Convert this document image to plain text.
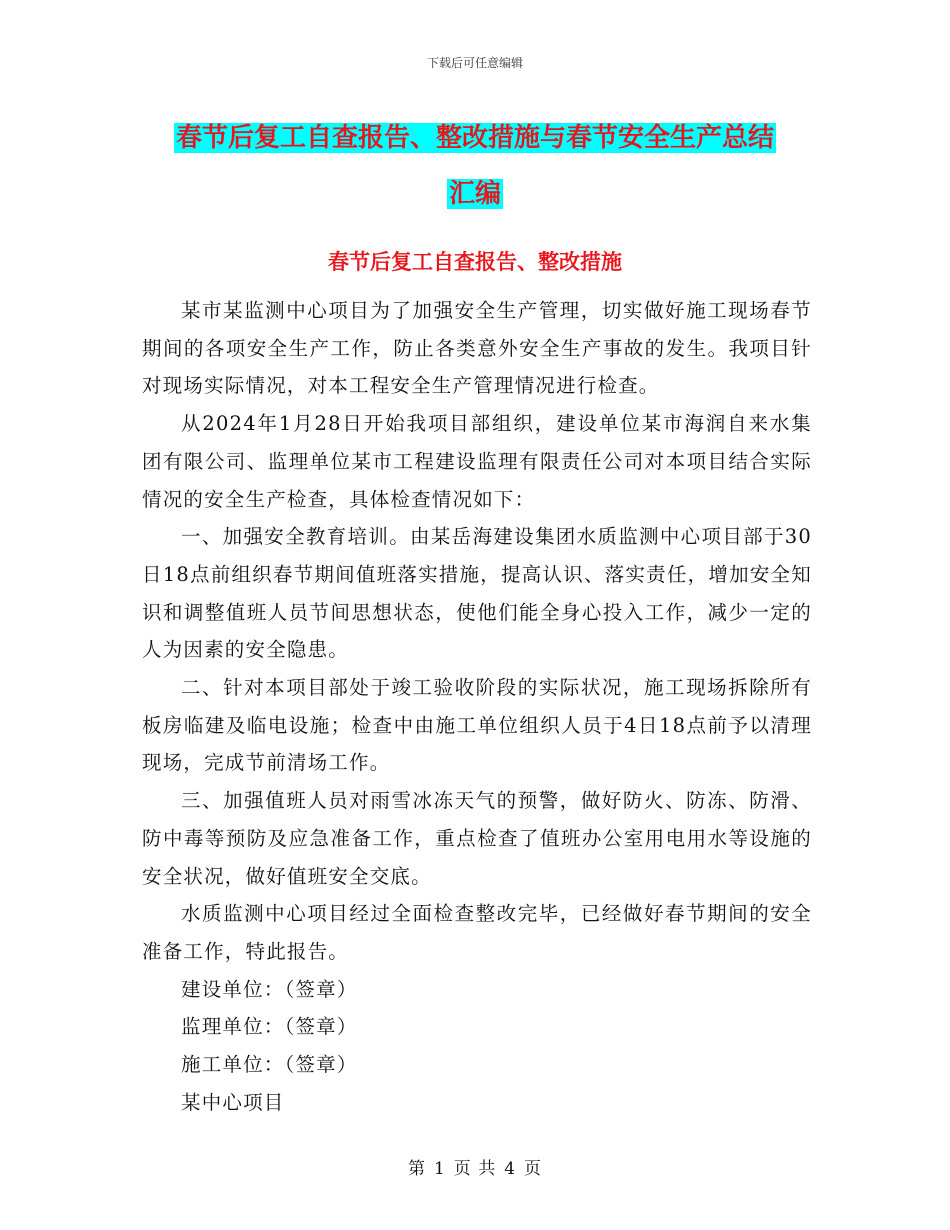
下载后可任意编辑
春节后复工自查报告、整改措施与春节安全生产总结
汇编
春节后复工自查报告、整改措施

某市某监测中心项目为了加强安全生产管理，切实做好施工现场春节期间的各项安全生产工作，防止各类意外安全生产事故的发生。我项目针对现场实际情况，对本工程安全生产管理情况进行检查。

从2024年1月28日开始我项目部组织，建设单位某市海润自来水集团有限公司、监理单位某市工程建设监理有限责任公司对本项目结合实际情况的安全生产检查，具体检查情况如下：

一、加强安全教育培训。由某岳海建设集团水质监测中心项目部于30日18点前组织春节期间值班落实措施，提高认识、落实责任，增加安全知识和调整值班人员节间思想状态，使他们能全身心投入工作，减少一定的人为因素的安全隐患。

二、针对本项目部处于竣工验收阶段的实际状况，施工现场拆除所有板房临建及临电设施；检查中由施工单位组织人员于4日18点前予以清理现场，完成节前清场工作。

三、加强值班人员对雨雪冰冻天气的预警，做好防火、防冻、防滑、防中毒等预防及应急准备工作，重点检查了值班办公室用电用水等设施的安全状况，做好值班安全交底。

水质监测中心项目经过全面检查整改完毕，已经做好春节期间的安全准备工作，特此报告。

建设单位：（签章）

监理单位：（签章）

施工单位：（签章）

某中心项目

第 1 页 共 4 页
